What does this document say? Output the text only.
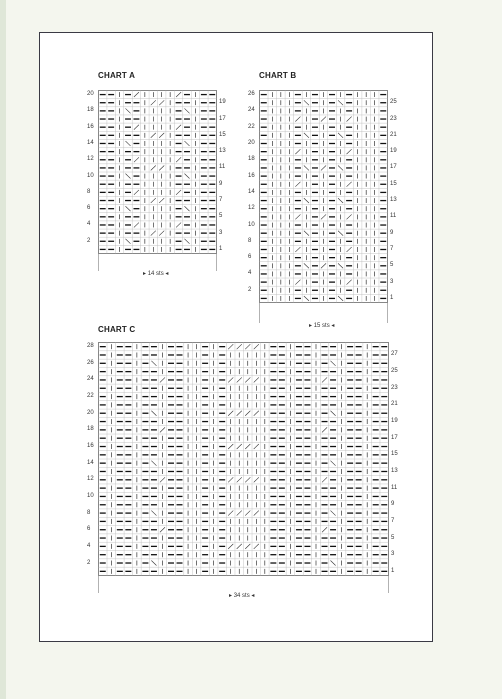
CHART A
20
18
16
14
12
10
8
6
4
2
19
17
15
13
11
9
7
5
3
1
▸ 14 sts ◂
CHART B
26
24
22
20
18
16
14
12
10
8
6
4
2
25
23
21
19
17
15
13
11
9
7
5
3
1
▸ 15 sts ◂
CHART C
28
26
24
22
20
18
16
14
12
10
8
6
4
2
27
25
23
21
19
17
15
13
11
9
7
5
3
1
▸ 34 sts ◂
